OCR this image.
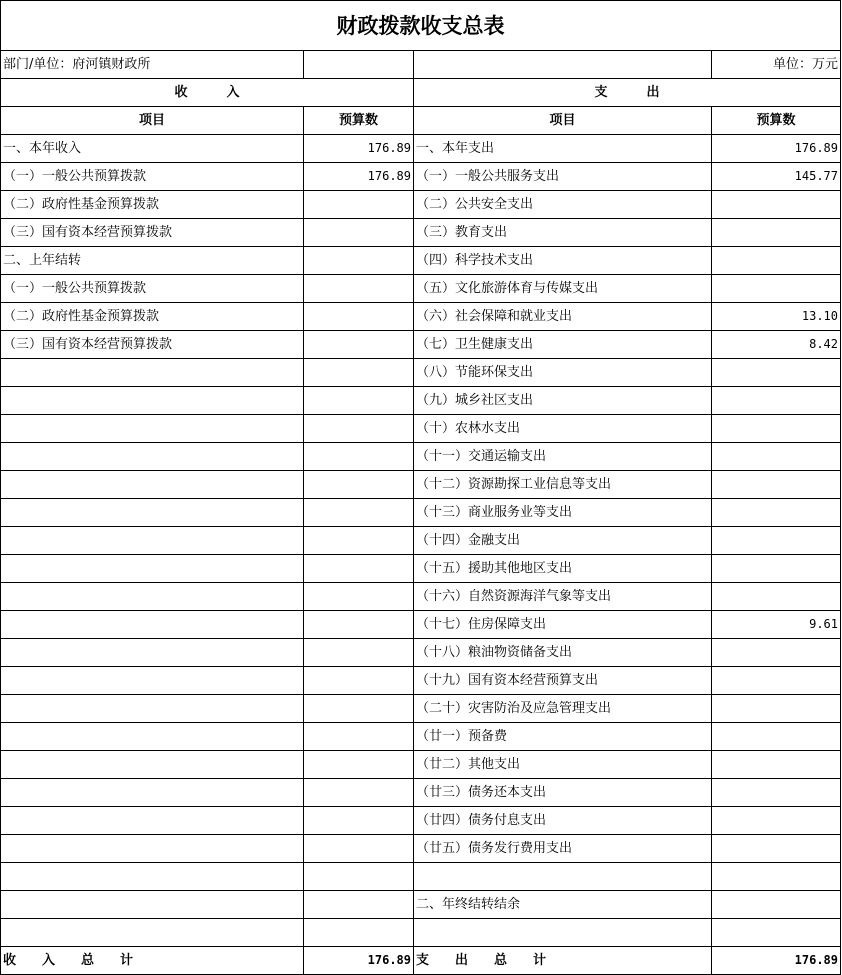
财政拨款收支总表			
部门/单位：府河镇财政所			单位：万元
收　　　入		支　　　出	
项目	预算数	项目	预算数
一、本年收入	176.89	一、本年支出	176.89
（一）一般公共预算拨款	176.89	（一）一般公共服务支出	145.77
（二）政府性基金预算拨款		（二）公共安全支出	
（三）国有资本经营预算拨款		（三）教育支出	
二、上年结转		（四）科学技术支出	
（一）一般公共预算拨款		（五）文化旅游体育与传媒支出	
（二）政府性基金预算拨款		（六）社会保障和就业支出	13.10
（三）国有资本经营预算拨款		（七）卫生健康支出	8.42
		（八）节能环保支出	
		（九）城乡社区支出	
		（十）农林水支出	
		（十一）交通运输支出	
		（十二）资源勘探工业信息等支出	
		（十三）商业服务业等支出	
		（十四）金融支出	
		（十五）援助其他地区支出	
		（十六）自然资源海洋气象等支出	
		（十七）住房保障支出	9.61
		（十八）粮油物资储备支出	
		（十九）国有资本经营预算支出	
		（二十）灾害防治及应急管理支出	
		（廿一）预备费	
		（廿二）其他支出	
		（廿三）债务还本支出	
		（廿四）债务付息支出	
		（廿五）债务发行费用支出	

		二、年终结转结余	

收　　入　　总　　计	176.89	支　　出　　总　　计	176.89
